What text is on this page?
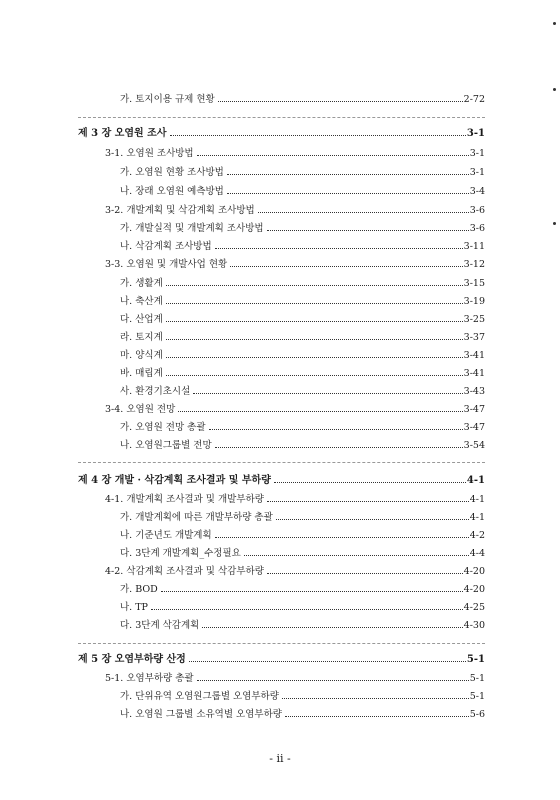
가. 토지이용 규제 현황	2-72
제 3 장 오염원 조사	3-1
3-1. 오염원 조사방법	3-1
가. 오염원 현황 조사방법	3-1
나. 장래 오염원 예측방법	3-4
3-2. 개발계획 및 삭감계획 조사방법	3-6
가. 개발실적 및 개발계획 조사방법	3-6
나. 삭감계획 조사방법	3-11
3-3. 오염원 및 개발사업 현황	3-12
가. 생활계	3-15
나. 축산계	3-19
다. 산업계	3-25
라. 토지계	3-37
마. 양식계	3-41
바. 매립계	3-41
사. 환경기초시설	3-43
3-4. 오염원 전망	3-47
가. 오염원 전망 총괄	3-47
나. 오염원그룹별 전망	3-54
제 4 장 개발 · 삭감계획 조사결과 및 부하량	4-1
4-1. 개발계획 조사결과 및 개발부하량	4-1
가. 개발계획에 따른 개발부하량 총괄	4-1
나. 기준년도 개발계획	4-2
다. 3단계 개발계획_수정필요	4-4
4-2. 삭감계획 조사결과 및 삭감부하량	4-20
가. BOD	4-20
나. TP	4-25
다. 3단계 삭감계획	4-30
제 5 장 오염부하량 산정	5-1
5-1. 오염부하량 총괄	5-1
가. 단위유역 오염원그룹별 오염부하량	5-1
나. 오염원 그룹별 소유역별 오염부하량	5-6
- ii -
